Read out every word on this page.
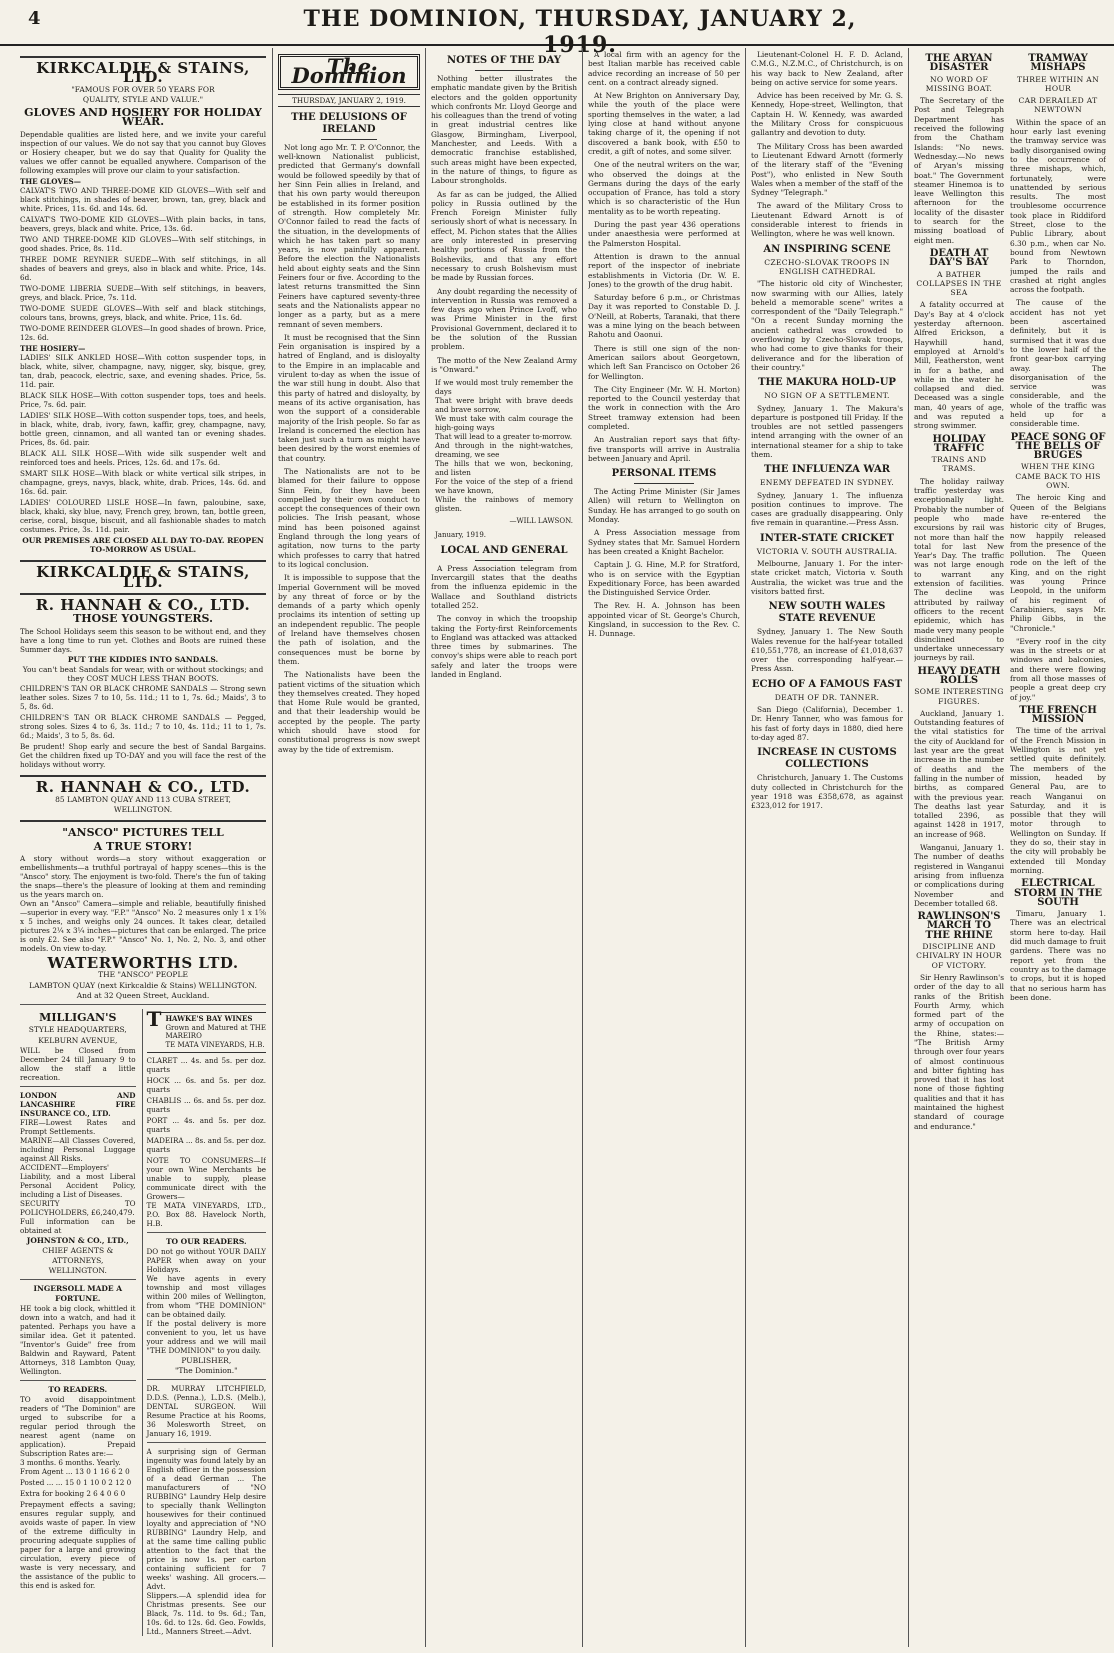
4	THE DOMINION, THURSDAY, JANUARY 2, 1919.
KIRKCALDIE & STAINS, LTD.
"FAMOUS FOR OVER 50 YEARS FOR
QUALITY, STYLE AND VALUE."
GLOVES AND HOSIERY FOR HOLIDAY WEAR.
Dependable qualities are listed here, and we invite your careful inspection of our values. We do not say that you cannot buy Gloves or Hosiery cheaper, but we do say that Quality for Quality the values we offer cannot be equalled anywhere. Comparison of the following examples will prove our claim to your satisfaction.
THE GLOVES—
CALVAT'S TWO AND THREE-DOME KID GLOVES—With self and black stitchings, in shades of beaver, brown, tan, grey, black and white. Prices, 11s. 6d. and 14s. 6d.
CALVAT'S TWO-DOME KID GLOVES—With plain backs, in tans, beavers, greys, black and white. Price, 13s. 6d.
TWO AND THREE-DOME KID GLOVES—With self stitchings, in good shades. Price, 8s. 11d.
THREE DOME REYNIER SUEDE—With self stitchings, in all shades of beavers and greys, also in black and white. Price, 14s. 6d.
TWO-DOME LIBERIA SUEDE—With self stitchings, in beavers, greys, and black. Price, 7s. 11d.
TWO-DOME SUEDE GLOVES—With self and black stitchings, colours tans, browns, greys, black, and white. Price, 11s. 6d.
TWO-DOME REINDEER GLOVES—In good shades of brown. Price, 12s. 6d.
THE HOSIERY—
LADIES' SILK ANKLED HOSE—With cotton suspender tops, in black, white, silver, champagne, navy, nigger, sky, bisque, grey, tan, drab, peacock, electric, saxe, and evening shades. Price, 5s. 11d. pair.
BLACK SILK HOSE—With cotton suspender tops, toes and heels. Price, 7s. 6d. pair.
LADIES' SILK HOSE—With cotton suspender tops, toes, and heels, in black, white, drab, ivory, fawn, kaffir, grey, champagne, navy, bottle green, cinnamon, and all wanted tan or evening shades. Prices, 8s. 6d. pair.
BLACK ALL SILK HOSE—With wide silk suspender welt and reinforced toes and heels. Prices, 12s. 6d. and 17s. 6d.
SMART SILK HOSE—With black or white vertical silk stripes, in champagne, greys, navys, black, white, drab. Prices, 14s. 6d. and 16s. 6d. pair.
LADIES' COLOURED LISLE HOSE—In fawn, paloubine, saxe, black, khaki, sky blue, navy, French grey, brown, tan, bottle green, cerise, coral, bisque, biscuit, and all fashionable shades to match costumes. Price, 3s. 11d. pair.
OUR PREMISES ARE CLOSED ALL DAY TO-DAY. REOPEN TO-MORROW AS USUAL.
KIRKCALDIE & STAINS, LTD.
R. HANNAH & CO., LTD.
THOSE YOUNGSTERS.
The School Holidays seem this season to be without end, and they have a long time to run yet. Clothes and Boots are ruined these Summer days.
PUT THE KIDDIES INTO SANDALS.
You can't beat Sandals for wear, with or without stockings; and they COST MUCH LESS THAN BOOTS.
CHILDREN'S TAN OR BLACK CHROME SANDALS — Strong sewn leather soles. Sizes 7 to 10, 5s. 11d.; 11 to 1, 7s. 6d.; Maids', 3 to 5, 8s. 6d.
CHILDREN'S TAN OR BLACK CHROME SANDALS — Pegged, strong soles. Sizes 4 to 6, 3s. 11d.; 7 to 10, 4s. 11d.; 11 to 1, 7s. 6d.; Maids', 3 to 5, 8s. 6d.
Be prudent! Shop early and secure the best of Sandal Bargains. Get the children fixed up TO-DAY and you will face the rest of the holidays without worry.
R. HANNAH & CO., LTD.
85 LAMBTON QUAY AND 113 CUBA STREET,
WELLINGTON.
"ANSCO" PICTURES TELL
A TRUE STORY!
A story without words—a story without exaggeration or embellishments—a truthful portrayal of happy scenes—this is the "Ansco" story. The enjoyment is two-fold. There's the fun of taking the snaps—there's the pleasure of looking at them and reminding us the years march on.
Own an "Ansco" Camera—simple and reliable, beautifully finished—superior in every way. "F.P." "Ansco" No. 2 measures only 1 x 1⅝ x 5 inches, and weighs only 24 ounces. It takes clear, detailed pictures 2¼ x 3¼ inches—pictures that can be enlarged. The price is only £2. See also "F.P." "Ansco" No. 1, No. 2, No. 3, and other models. On view to-day.
WATERWORTHS LTD.
THE "ANSCO" PEOPLE
LAMBTON QUAY (next Kirkcaldie & Stains) WELLINGTON.
And at 32 Queen Street, Auckland.
MILLIGAN'S
STYLE HEADQUARTERS,
KELBURN AVENUE,
WILL be Closed from December 24 till January 9 to allow the staff a little recreation.
LONDON AND LANCASHIRE FIRE INSURANCE CO., LTD.
FIRE—Lowest Rates and Prompt Settlements.
MARINE—All Classes Covered, including Personal Luggage against All Risks.
ACCIDENT—Employers' Liability, and a most Liberal Personal Accident Policy, including a List of Diseases.
SECURITY TO POLICYHOLDERS, £6,240,479.
Full information can be obtained at
JOHNSTON & CO., LTD.,
CHIEF AGENTS & ATTORNEYS,
WELLINGTON.
INGERSOLL MADE A FORTUNE.
HE took a big clock, whittled it down into a watch, and had it patented. Perhaps you have a similar idea. Get it patented. "Inventor's Guide" free from Baldwin and Rayward, Patent Attorneys, 318 Lambton Quay, Wellington.
TO READERS.
TO avoid disappointment readers of "The Dominion" are urged to subscribe for a regular period through the nearest agent (name on application). Prepaid Subscription Rates are:—
3 months. 6 months. Yearly.
From Agent ... 13 0 1 16 6 2 0
Posted ... ... 15 0 1 10 0 2 12 0
Extra for booking 2 6 4 0 6 0
Prepayment effects a saving; ensures regular supply, and avoids waste of paper. In view of the extreme difficulty in procuring adequate supplies of paper for a large and growing circulation, every piece of waste is very necessary, and the assistance of the public to this end is asked for.
T HAWKE'S BAY WINES
Grown and Matured at THE MAREIRO
TE MATA VINEYARDS, H.B.
CLARET ... 4s. and 5s. per doz. quarts
HOCK ... 6s. and 5s. per doz. quarts
CHABLIS ... 6s. and 5s. per doz. quarts
PORT ... 4s. and 5s. per doz. quarts
MADEIRA ... 8s. and 5s. per doz. quarts
NOTE TO CONSUMERS—If your own Wine Merchants be unable to supply, please communicate direct with the Growers—
TE MATA VINEYARDS, LTD., P.O. Box 88. Havelock North, H.B.
TO OUR READERS.
DO not go without YOUR DAILY PAPER when away on your Holidays.
We have agents in every township and most villages within 200 miles of Wellington, from whom "THE DOMINION" can be obtained daily.
If the postal delivery is more convenient to you, let us have your address and we will mail "THE DOMINION" to you daily.
PUBLISHER,
"The Dominion."
DR. MURRAY LITCHFIELD, D.D.S. (Penna.), L.D.S. (Melb.), DENTAL SURGEON. Will Resume Practice at his Rooms, 36 Molesworth Street, on January 16, 1919.
A surprising sign of German ingenuity was found lately by an English officer in the possession of a dead German ... The manufacturers of "NO RUBBING" Laundry Help desire to specially thank Wellington housewives for their continued loyalty and appreciation of "NO RUBBING" Laundry Help, and at the same time calling public attention to the fact that the price is now 1s. per carton containing sufficient for 7 weeks' washing. All grocers.—Advt.
Slippers.—A splendid idea for Christmas presents. See our Black, 7s. 11d. to 9s. 6d.; Tan, 10s. 6d. to 12s. 6d. Geo. Fowlds, Ltd., Manners Street.—Advt.
The Dominion
THURSDAY, JANUARY 2, 1919.
THE DELUSIONS OF IRELAND

Not long ago Mr. T. P. O'Connor, the well-known Nationalist publicist, predicted that Germany's downfall would be followed speedily by that of her Sinn Fein allies in Ireland, and that his own party would thereupon be established in its former position of strength. How completely Mr. O'Connor failed to read the facts of the situation, in the developments of which he has taken part so many years, is now painfully apparent. Before the election the Nationalists held about eighty seats and the Sinn Feiners four or five. According to the latest returns transmitted the Sinn Feiners have captured seventy-three seats and the Nationalists appear no longer as a party, but as a mere remnant of seven members.

It must be recognised that the Sinn Fein organisation is inspired by a hatred of England, and is disloyalty to the Empire in an implacable and virulent to-day as when the issue of the war still hung in doubt. Also that this party of hatred and disloyalty, by means of its active organisation, has won the support of a considerable majority of the Irish people. So far as Ireland is concerned the election has taken just such a turn as might have been desired by the worst enemies of that country.

The Nationalists are not to be blamed for their failure to oppose Sinn Fein, for they have been compelled by their own conduct to accept the consequences of their own policies. The Irish peasant, whose mind has been poisoned against England through the long years of agitation, now turns to the party which professes to carry that hatred to its logical conclusion.

It is impossible to suppose that the Imperial Government will be moved by any threat of force or by the demands of a party which openly proclaims its intention of setting up an independent republic. The people of Ireland have themselves chosen the path of isolation, and the consequences must be borne by them.

The Nationalists have been the patient victims of the situation which they themselves created. They hoped that Home Rule would be granted, and that their leadership would be accepted by the people. The party which should have stood for constitutional progress is now swept away by the tide of extremism.

NOTES OF THE DAY

Nothing better illustrates the emphatic mandate given by the British electors and the golden opportunity which confronts Mr. Lloyd George and his colleagues than the trend of voting in great industrial centres like Glasgow, Birmingham, Liverpool, Manchester, and Leeds. With a democratic franchise established, such areas might have been expected, in the nature of things, to figure as Labour strongholds.

As far as can be judged, the Allied policy in Russia outlined by the French Foreign Minister fully seriously short of what is necessary. In effect, M. Pichon states that the Allies are only interested in preserving healthy portions of Russia from the Bolsheviks, and that any effort necessary to crush Bolshevism must be made by Russian forces.

Any doubt regarding the necessity of intervention in Russia was removed a few days ago when Prince Lvoff, who was Prime Minister in the first Provisional Government, declared it to be the solution of the Russian problem.

The motto of the New Zealand Army is "Onward."

If we would most truly remember the days
That were bright with brave deeds and brave sorrow,
We must take with calm courage the high-going ways
That will lead to a greater to-morrow.
And through in the night-watches, dreaming, we see
The hills that we won, beckoning, and listen
For the voice of the step of a friend we have known,
While the rainbows of memory glisten.
—WILL LAWSON.
January, 1919.
LOCAL AND GENERAL

A Press Association telegram from Invercargill states that the deaths from the influenza epidemic in the Wallace and Southland districts totalled 252.

The convoy in which the troopship taking the Forty-first Reinforcements to England was attacked was attacked three times by submarines. The convoy's ships were able to reach port safely and later the troops were landed in England.

A local firm with an agency for the best Italian marble has received cable advice recording an increase of 50 per cent. on a contract already signed.

At New Brighton on Anniversary Day, while the youth of the place were sporting themselves in the water, a lad lying close at hand without anyone taking charge of it, the opening if not discovered a bank book, with £50 to credit, a gift of notes, and some silver.

One of the neutral writers on the war, who observed the doings at the Germans during the days of the early occupation of France, has told a story which is so characteristic of the Hun mentality as to be worth repeating.

During the past year 436 operations under anaesthesia were performed at the Palmerston Hospital.

Attention is drawn to the annual report of the inspector of inebriate establishments in Victoria (Dr. W. E. Jones) to the growth of the drug habit.

Saturday before 6 p.m., or Christmas Day it was reported to Constable D. J. O'Neill, at Roberts, Taranaki, that there was a mine lying on the beach between Rahotu and Oaonui.

There is still one sign of the non-American sailors about Georgetown, which left San Francisco on October 26 for Wellington.

The City Engineer (Mr. W. H. Morton) reported to the Council yesterday that the work in connection with the Aro Street tramway extension had been completed.

An Australian report says that fifty-five transports will arrive in Australia between January and April.

PERSONAL ITEMS

The Acting Prime Minister (Sir James Allen) will return to Wellington on Sunday. He has arranged to go south on Monday.

A Press Association message from Sydney states that Mr. Samuel Hordern has been created a Knight Bachelor.

Captain J. G. Hine, M.P. for Stratford, who is on service with the Egyptian Expeditionary Force, has been awarded the Distinguished Service Order.

The Rev. H. A. Johnson has been appointed vicar of St. George's Church, Kingsland, in succession to the Rev. C. H. Dunnage.

Lieutenant-Colonel H. F. D. Acland, C.M.G., N.Z.M.C., of Christchurch, is on his way back to New Zealand, after being on active service for some years.

Advice has been received by Mr. G. S. Kennedy, Hope-street, Wellington, that Captain H. W. Kennedy, was awarded the Military Cross for conspicuous gallantry and devotion to duty.

The Military Cross has been awarded to Lieutenant Edward Arnott (formerly of the literary staff of the "Evening Post"), who enlisted in New South Wales when a member of the staff of the Sydney "Telegraph."

The award of the Military Cross to Lieutenant Edward Arnott is of considerable interest to friends in Wellington, where he was well known.

AN INSPIRING SCENE
CZECHO-SLOVAK TROOPS IN ENGLISH CATHEDRAL

"The historic old city of Winchester, now swarming with our Allies, lately beheld a memorable scene" writes a correspondent of the "Daily Telegraph." "On a recent Sunday morning the ancient cathedral was crowded to overflowing by Czecho-Slovak troops, who had come to give thanks for their deliverance and for the liberation of their country."

THE MAKURA HOLD-UP
NO SIGN OF A SETTLEMENT.

Sydney, January 1. The Makura's departure is postponed till Friday. If the troubles are not settled passengers intend arranging with the owner of an international steamer for a ship to take them.

THE INFLUENZA WAR
ENEMY DEFEATED IN SYDNEY.

Sydney, January 1. The influenza position continues to improve. The cases are gradually disappearing. Only five remain in quarantine.—Press Assn.

INTER-STATE CRICKET
VICTORIA V. SOUTH AUSTRALIA.

Melbourne, January 1. For the inter-state cricket match, Victoria v. South Australia, the wicket was true and the visitors batted first.

NEW SOUTH WALES STATE REVENUE

Sydney, January 1. The New South Wales revenue for the half-year totalled £10,551,778, an increase of £1,018,637 over the corresponding half-year.—Press Assn.

ECHO OF A FAMOUS FAST
DEATH OF DR. TANNER.

San Diego (California), December 1. Dr. Henry Tanner, who was famous for his fast of forty days in 1880, died here to-day aged 87.

INCREASE IN CUSTOMS COLLECTIONS

Christchurch, January 1. The Customs duty collected in Christchurch for the year 1918 was £358,678, as against £323,012 for 1917.

THE ARYAN DISASTER
NO WORD OF MISSING BOAT.

The Secretary of the Post and Telegraph Department has received the following from the Chatham Islands: "No news. Wednesday.—No news of Aryan's missing boat." The Government steamer Hinemoa is to leave Wellington this afternoon for the locality of the disaster to search for the missing boatload of eight men.

DEATH AT DAY'S BAY
A BATHER COLLAPSES IN THE SEA

A fatality occurred at Day's Bay at 4 o'clock yesterday afternoon. Alfred Erickson, a Haywhill hand, employed at Arnold's Mill, Featherston, went in for a bathe, and while in the water he collapsed and died. Deceased was a single man, 40 years of age, and was reputed a strong swimmer.

HOLIDAY TRAFFIC
TRAINS AND TRAMS.

The holiday railway traffic yesterday was exceptionally light. Probably the number of people who made excursions by rail was not more than half the total for last New Year's Day. The traffic was not large enough to warrant any extension of facilities. The decline was attributed by railway officers to the recent epidemic, which has made very many people disinclined to undertake unnecessary journeys by rail.

HEAVY DEATH ROLLS
SOME INTERESTING FIGURES.

Auckland, January 1. Outstanding features of the vital statistics for the city of Auckland for last year are the great increase in the number of deaths and the falling in the number of births, as compared with the previous year. The deaths last year totalled 2396, as against 1428 in 1917, an increase of 968.

Wanganui, January 1. The number of deaths registered in Wanganui arising from influenza or complications during November and December totalled 68.

RAWLINSON'S MARCH TO THE RHINE
DISCIPLINE AND CHIVALRY IN HOUR OF VICTORY.

Sir Henry Rawlinson's order of the day to all ranks of the British Fourth Army, which formed part of the army of occupation on the Rhine, states:— "The British Army through over four years of almost continuous and bitter fighting has proved that it has lost none of those fighting qualities and that it has maintained the highest standard of courage and endurance."

TRAMWAY MISHAPS
THREE WITHIN AN HOUR
CAR DERAILED AT NEWTOWN

Within the space of an hour early last evening the tramway service was badly disorganised owing to the occurrence of three mishaps, which, fortunately, were unattended by serious results. The most troublesome occurrence took place in Riddiford Street, close to the Public Library, about 6.30 p.m., when car No. bound from Newtown Park to Thorndon, jumped the rails and crashed at right angles across the footpath.

The cause of the accident has not yet been ascertained definitely, but it is surmised that it was due to the lower half of the front gear-box carrying away. The disorganisation of the service was considerable, and the whole of the traffic was held up for a considerable time.

PEACE SONG OF THE BELLS OF BRUGES
WHEN THE KING CAME BACK TO HIS OWN.

The heroic King and Queen of the Belgians have re-entered the historic city of Bruges, now happily released from the presence of the pollution. The Queen rode on the left of the King, and on the right was young Prince Leopold, in the uniform of his regiment of Carabiniers, says Mr. Philip Gibbs, in the "Chronicle."

"Every roof in the city was in the streets or at windows and balconies, and there were flowing from all those masses of people a great deep cry of joy."

THE FRENCH MISSION

The time of the arrival of the French Mission in Wellington is not yet settled quite definitely. The members of the mission, headed by General Pau, are to reach Wanganui on Saturday, and it is possible that they will motor through to Wellington on Sunday. If they do so, their stay in the city will probably be extended till Monday morning.

ELECTRICAL STORM IN THE SOUTH

Timaru, January 1. There was an electrical storm here to-day. Hail did much damage to fruit gardens. There was no report yet from the country as to the damage to crops, but it is hoped that no serious harm has been done.
